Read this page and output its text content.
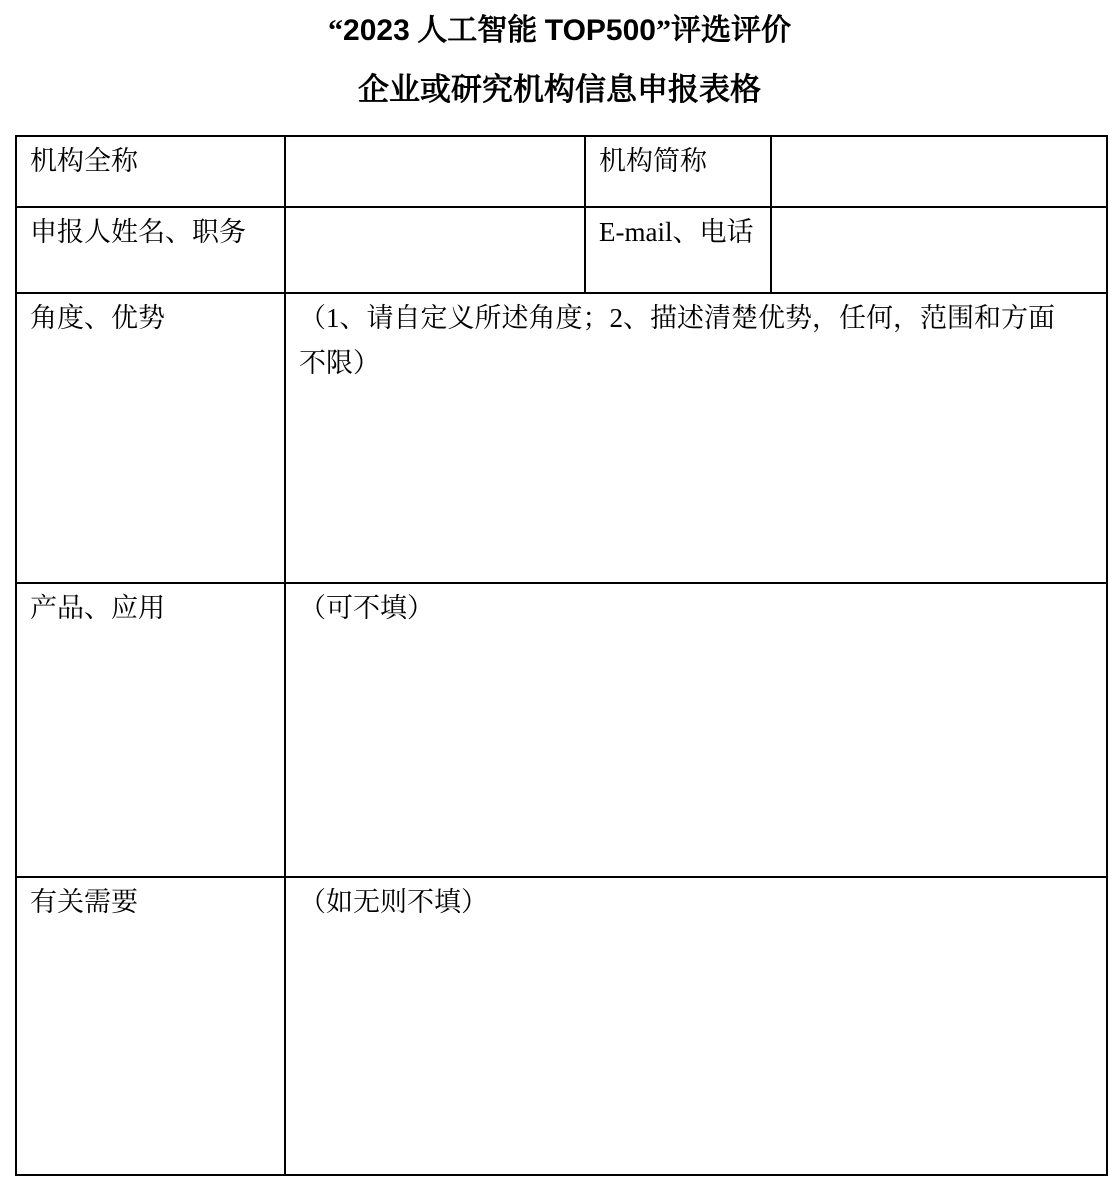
“2023 人工智能 TOP500”评选评价
企业或研究机构信息申报表格
机构全称		机构简称	
申报人姓名、职务		E-mail、电话	
角度、优势	（1、请自定义所述角度；2、描述清楚优势，任何，范围和方面
不限）		

产品、应用	（可不填）		

有关需要	（如无则不填）		
